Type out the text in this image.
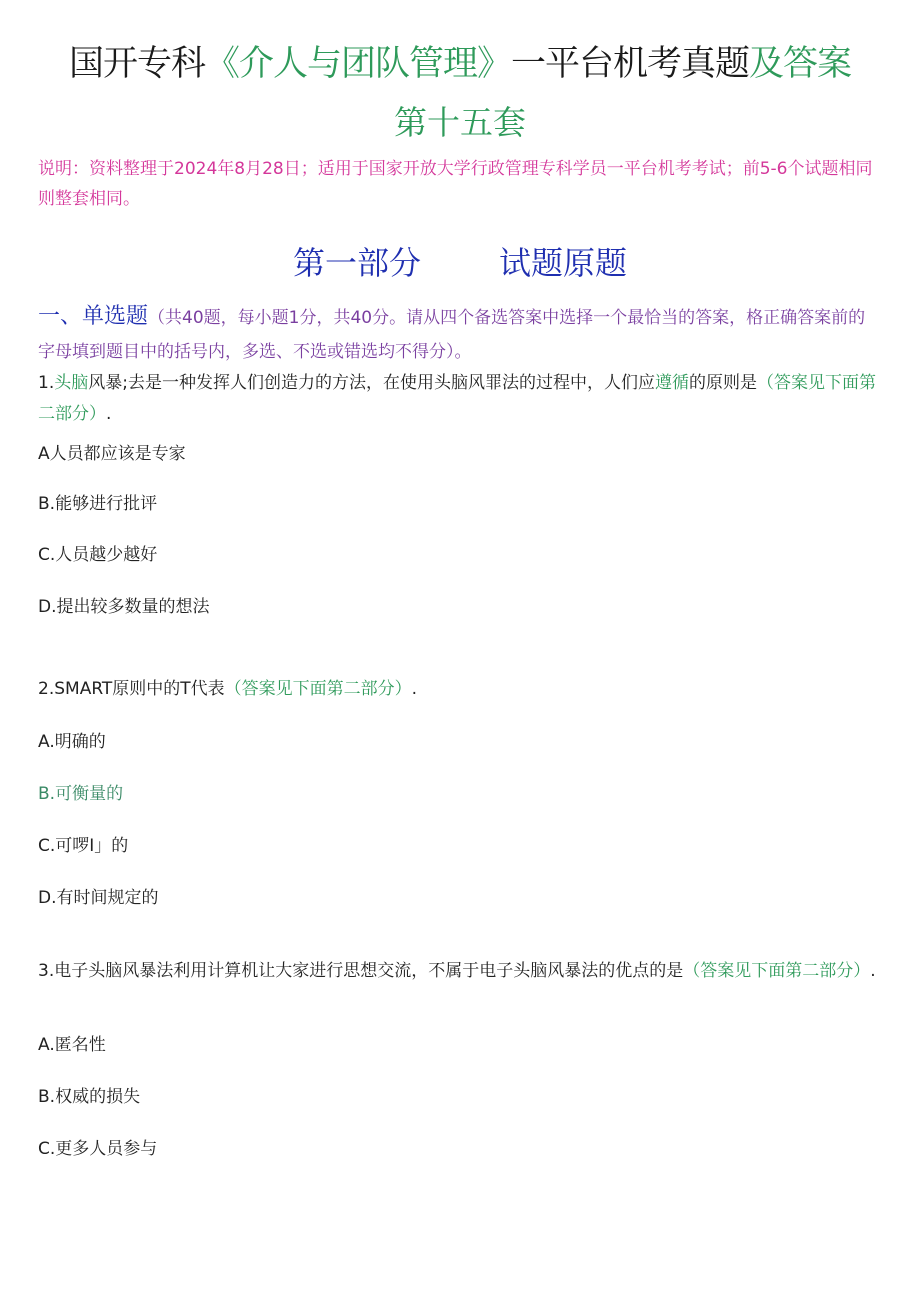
国开专科《介人与团队管理》一平台机考真题及答案
第十五套
说明：资料整理于2024年8月28日；适用于国家开放大学行政管理专科学员一平台机考考试；前5-6个试题相同则整套相同。
第一部分 试题原题
一、单选题（共40题，每小题1分，共40分。请从四个备选答案中选择一个最恰当的答案，格正确答案前的字母填到题目中的括号内，多选、不选或错选均不得分）。
1.头脑风暴;去是一种发挥人们创造力的方法，在使用头脑风罪法的过程中，人们应遵循的原则是（答案见下面第二部分）.
A人员都应该是专家
B.能够进行批评
C.人员越少越好
D.提出较多数量的想法
2.SMART原则中的T代表（答案见下面第二部分）.
A.明确的
B.可衡量的
C.可啰I」的
D.有时间规定的
3.电子头脑风暴法利用计算机让大家进行思想交流，不属于电子头脑风暴法的优点的是（答案见下面第二部分）.
A.匿名性
B.权威的损失
C.更多人员参与
